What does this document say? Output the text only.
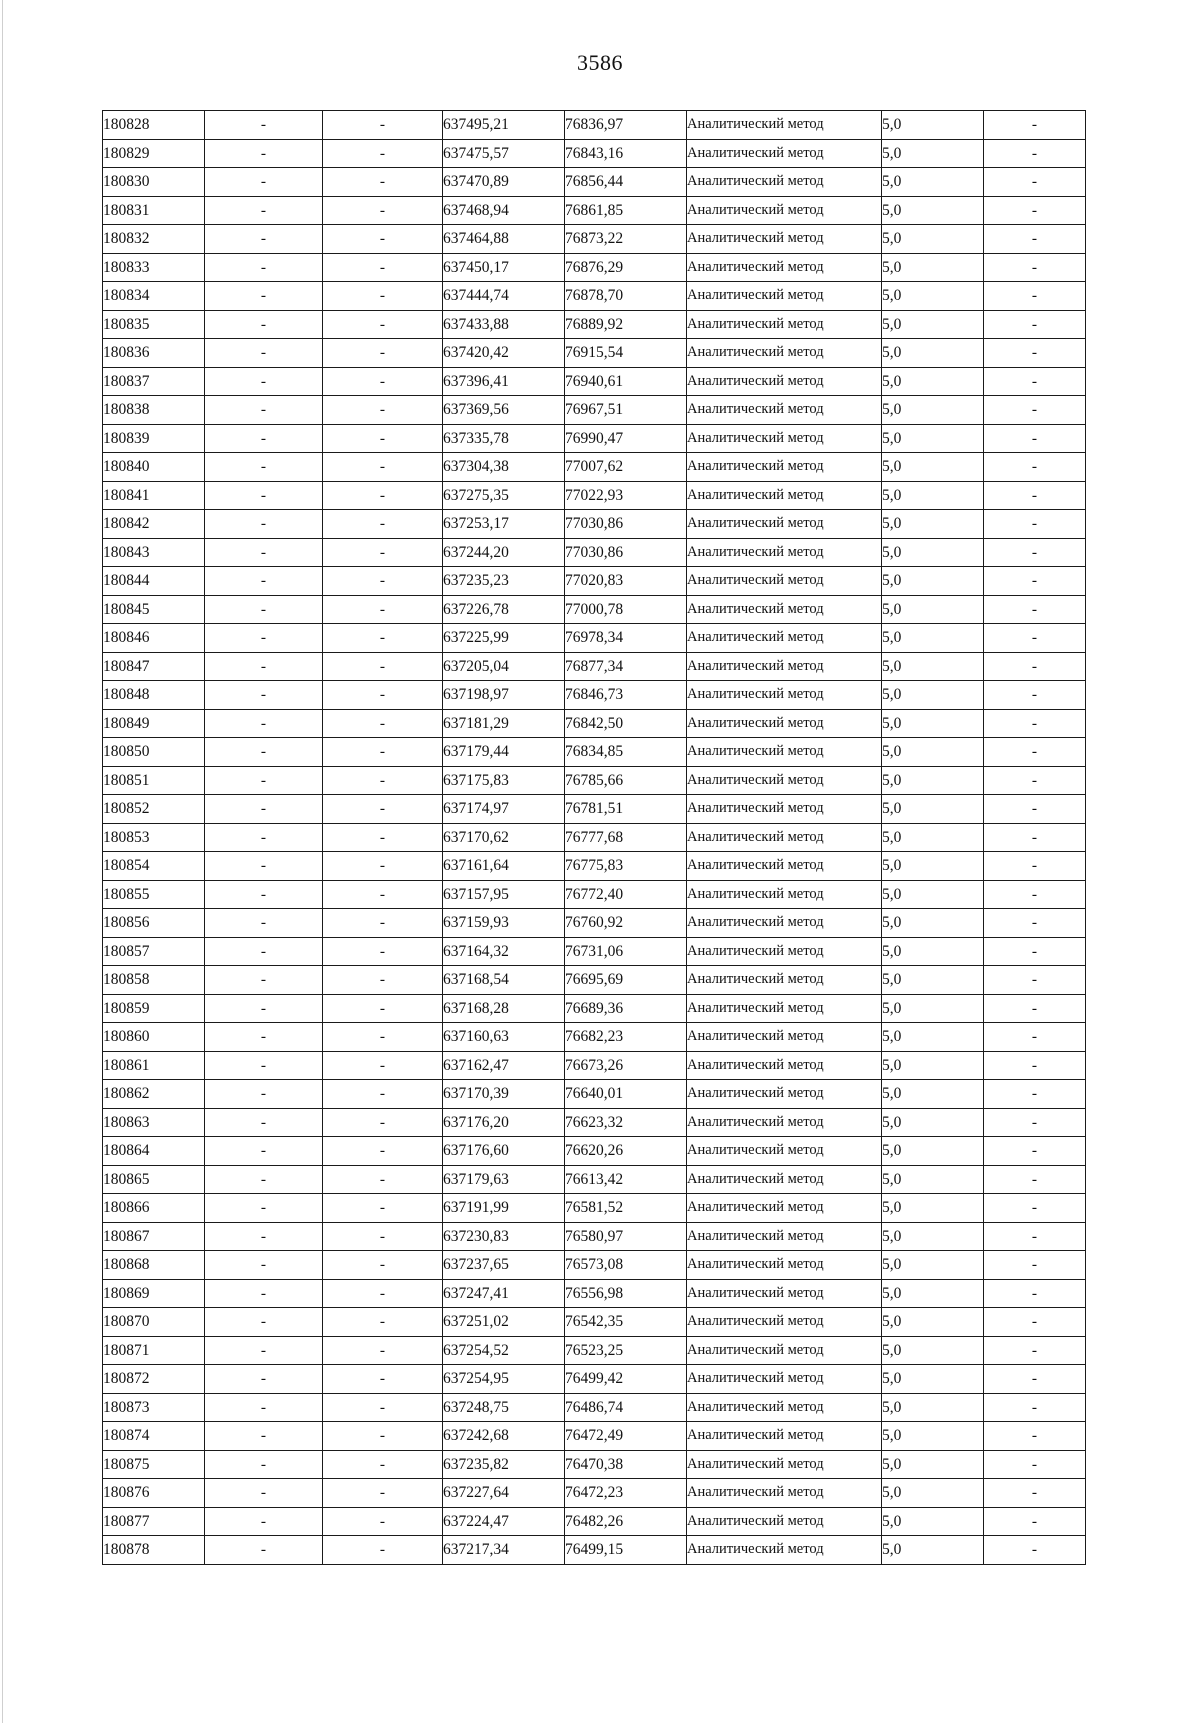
3586
180828	-	-	637495,21	76836,97	Аналитический метод	5,0	-
180829	-	-	637475,57	76843,16	Аналитический метод	5,0	-
180830	-	-	637470,89	76856,44	Аналитический метод	5,0	-
180831	-	-	637468,94	76861,85	Аналитический метод	5,0	-
180832	-	-	637464,88	76873,22	Аналитический метод	5,0	-
180833	-	-	637450,17	76876,29	Аналитический метод	5,0	-
180834	-	-	637444,74	76878,70	Аналитический метод	5,0	-
180835	-	-	637433,88	76889,92	Аналитический метод	5,0	-
180836	-	-	637420,42	76915,54	Аналитический метод	5,0	-
180837	-	-	637396,41	76940,61	Аналитический метод	5,0	-
180838	-	-	637369,56	76967,51	Аналитический метод	5,0	-
180839	-	-	637335,78	76990,47	Аналитический метод	5,0	-
180840	-	-	637304,38	77007,62	Аналитический метод	5,0	-
180841	-	-	637275,35	77022,93	Аналитический метод	5,0	-
180842	-	-	637253,17	77030,86	Аналитический метод	5,0	-
180843	-	-	637244,20	77030,86	Аналитический метод	5,0	-
180844	-	-	637235,23	77020,83	Аналитический метод	5,0	-
180845	-	-	637226,78	77000,78	Аналитический метод	5,0	-
180846	-	-	637225,99	76978,34	Аналитический метод	5,0	-
180847	-	-	637205,04	76877,34	Аналитический метод	5,0	-
180848	-	-	637198,97	76846,73	Аналитический метод	5,0	-
180849	-	-	637181,29	76842,50	Аналитический метод	5,0	-
180850	-	-	637179,44	76834,85	Аналитический метод	5,0	-
180851	-	-	637175,83	76785,66	Аналитический метод	5,0	-
180852	-	-	637174,97	76781,51	Аналитический метод	5,0	-
180853	-	-	637170,62	76777,68	Аналитический метод	5,0	-
180854	-	-	637161,64	76775,83	Аналитический метод	5,0	-
180855	-	-	637157,95	76772,40	Аналитический метод	5,0	-
180856	-	-	637159,93	76760,92	Аналитический метод	5,0	-
180857	-	-	637164,32	76731,06	Аналитический метод	5,0	-
180858	-	-	637168,54	76695,69	Аналитический метод	5,0	-
180859	-	-	637168,28	76689,36	Аналитический метод	5,0	-
180860	-	-	637160,63	76682,23	Аналитический метод	5,0	-
180861	-	-	637162,47	76673,26	Аналитический метод	5,0	-
180862	-	-	637170,39	76640,01	Аналитический метод	5,0	-
180863	-	-	637176,20	76623,32	Аналитический метод	5,0	-
180864	-	-	637176,60	76620,26	Аналитический метод	5,0	-
180865	-	-	637179,63	76613,42	Аналитический метод	5,0	-
180866	-	-	637191,99	76581,52	Аналитический метод	5,0	-
180867	-	-	637230,83	76580,97	Аналитический метод	5,0	-
180868	-	-	637237,65	76573,08	Аналитический метод	5,0	-
180869	-	-	637247,41	76556,98	Аналитический метод	5,0	-
180870	-	-	637251,02	76542,35	Аналитический метод	5,0	-
180871	-	-	637254,52	76523,25	Аналитический метод	5,0	-
180872	-	-	637254,95	76499,42	Аналитический метод	5,0	-
180873	-	-	637248,75	76486,74	Аналитический метод	5,0	-
180874	-	-	637242,68	76472,49	Аналитический метод	5,0	-
180875	-	-	637235,82	76470,38	Аналитический метод	5,0	-
180876	-	-	637227,64	76472,23	Аналитический метод	5,0	-
180877	-	-	637224,47	76482,26	Аналитический метод	5,0	-
180878	-	-	637217,34	76499,15	Аналитический метод	5,0	-
